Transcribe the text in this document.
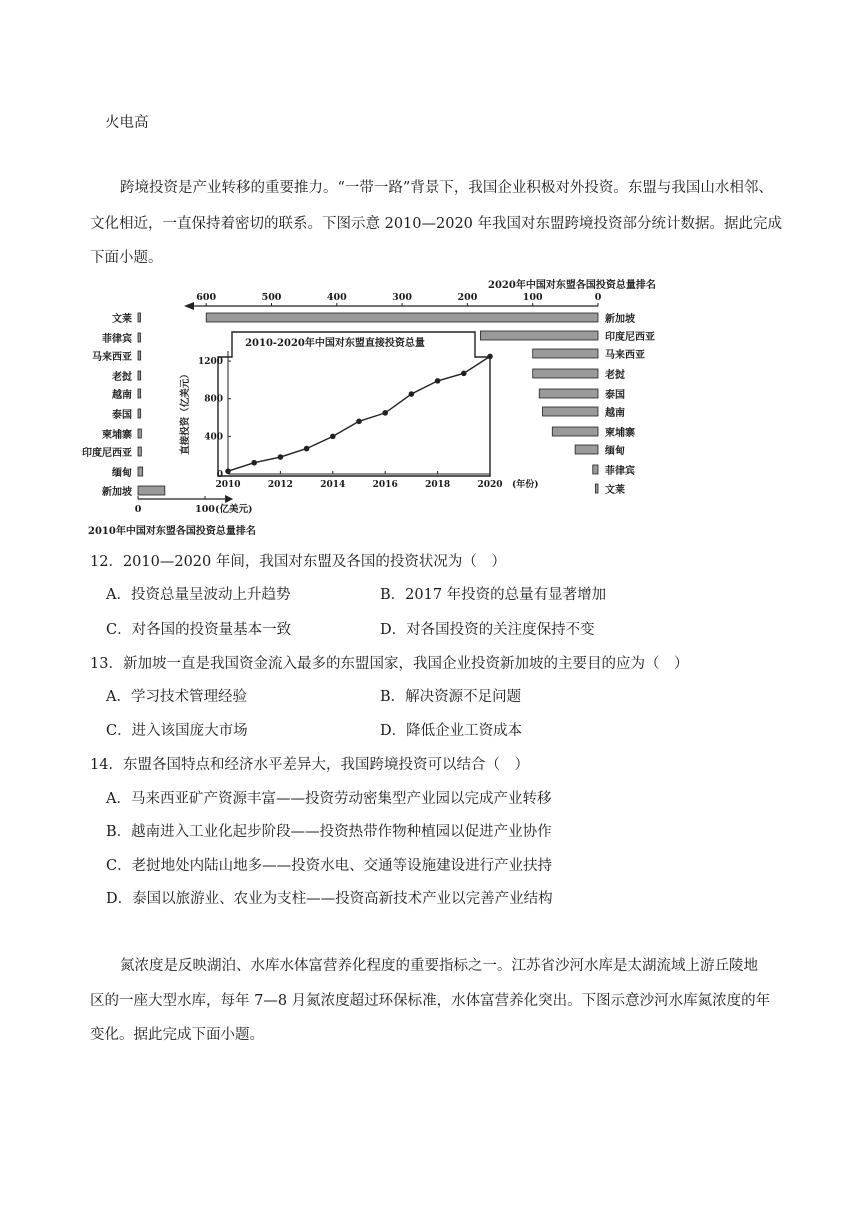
火电高
跨境投资是产业转移的重要推力。“一带一路”背景下，我国企业积极对外投资。东盟与我国山水相邻、
文化相近，一直保持着密切的联系。下图示意 2010—2020 年我国对东盟跨境投资部分统计数据。据此完成
下面小题。
2020年中国对东盟各国投资总量排名
600	500	400	300	200	100	0
新加坡
印度尼西亚
马来西亚
老挝
泰国
越南
柬埔寨
缅甸
菲律宾
文莱
2010-2020年中国对东盟直接投资总量
0
400
800
1200
2010	2012	2014	2016	2018	2020 (年份)
直接投资（亿美元）
文莱
菲律宾
马来西亚
老挝
越南
泰国
柬埔寨
印度尼西亚
缅甸
新加坡
0	100 (亿美元)
2010年中国对东盟各国投资总量排名
12．2010—2020 年间，我国对东盟及各国的投资状况为（　）
A．投资总量呈波动上升趋势	B．2017 年投资的总量有显著增加
C．对各国的投资量基本一致	D．对各国投资的关注度保持不变
13．新加坡一直是我国资金流入最多的东盟国家，我国企业投资新加坡的主要目的应为（　）
A．学习技术管理经验	B．解决资源不足问题
C．进入该国庞大市场	D．降低企业工资成本
14．东盟各国特点和经济水平差异大，我国跨境投资可以结合（　）
A．马来西亚矿产资源丰富——投资劳动密集型产业园以完成产业转移
B．越南进入工业化起步阶段——投资热带作物种植园以促进产业协作
C．老挝地处内陆山地多——投资水电、交通等设施建设进行产业扶持
D．泰国以旅游业、农业为支柱——投资高新技术产业以完善产业结构
氮浓度是反映湖泊、水库水体富营养化程度的重要指标之一。江苏省沙河水库是太湖流域上游丘陵地
区的一座大型水库，每年 7—8 月氮浓度超过环保标准，水体富营养化突出。下图示意沙河水库氮浓度的年
变化。据此完成下面小题。
